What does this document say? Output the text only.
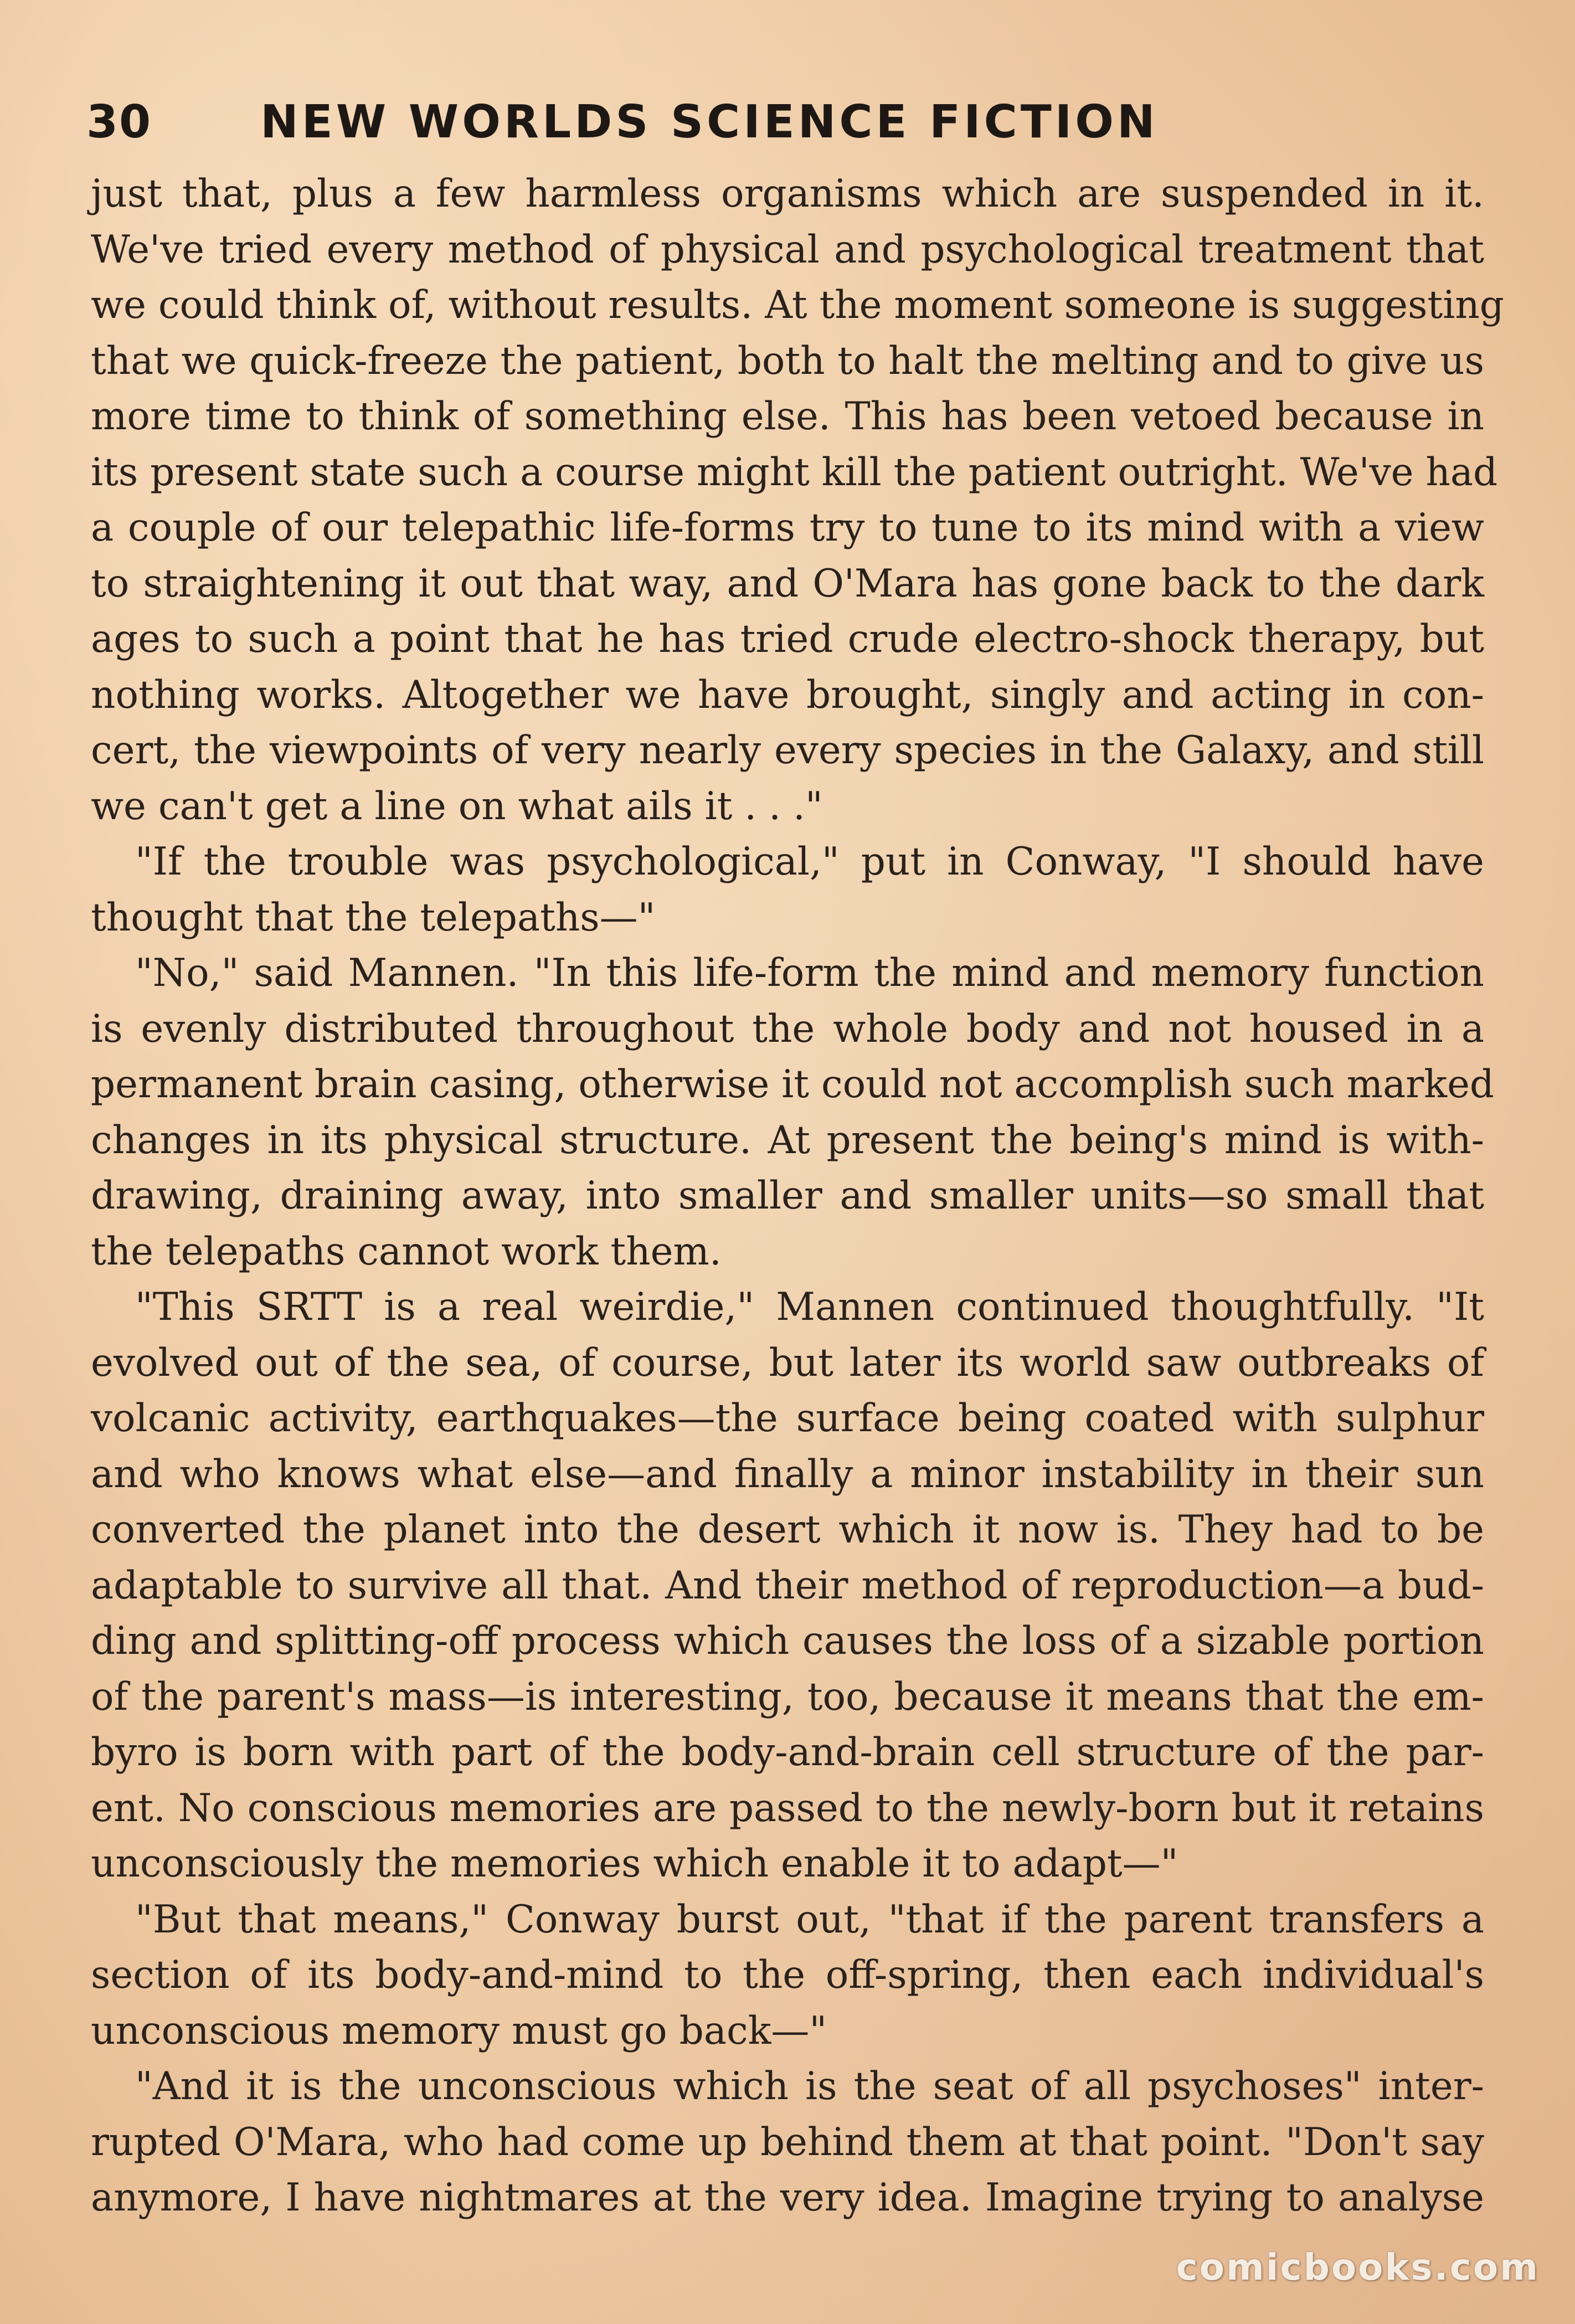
30 NEW WORLDS SCIENCE FICTION
just that, plus a few harmless organisms which are suspended in it.
We've tried every method of physical and psychological treatment that
we could think of, without results. At the moment someone is suggesting
that we quick-freeze the patient, both to halt the melting and to give us
more time to think of something else. This has been vetoed because in
its present state such a course might kill the patient outright. We've had
a couple of our telepathic life-forms try to tune to its mind with a view
to straightening it out that way, and O'Mara has gone back to the dark
ages to such a point that he has tried crude electro-shock therapy, but
nothing works. Altogether we have brought, singly and acting in con-
cert, the viewpoints of very nearly every species in the Galaxy, and still
we can't get a line on what ails it . . ."
"If the trouble was psychological," put in Conway, "I should have
thought that the telepaths—"
"No," said Mannen. "In this life-form the mind and memory function
is evenly distributed throughout the whole body and not housed in a
permanent brain casing, otherwise it could not accomplish such marked
changes in its physical structure. At present the being's mind is with-
drawing, draining away, into smaller and smaller units—so small that
the telepaths cannot work them.
"This SRTT is a real weirdie," Mannen continued thoughtfully. "It
evolved out of the sea, of course, but later its world saw outbreaks of
volcanic activity, earthquakes—the surface being coated with sulphur
and who knows what else—and finally a minor instability in their sun
converted the planet into the desert which it now is. They had to be
adaptable to survive all that. And their method of reproduction—a bud-
ding and splitting-off process which causes the loss of a sizable portion
of the parent's mass—is interesting, too, because it means that the em-
byro is born with part of the body-and-brain cell structure of the par-
ent. No conscious memories are passed to the newly-born but it retains
unconsciously the memories which enable it to adapt—"
"But that means," Conway burst out, "that if the parent transfers a
section of its body-and-mind to the off-spring, then each individual's
unconscious memory must go back—"
"And it is the unconscious which is the seat of all psychoses" inter-
rupted O'Mara, who had come up behind them at that point. "Don't say
anymore, I have nightmares at the very idea. Imagine trying to analyse
comicbooks.com
